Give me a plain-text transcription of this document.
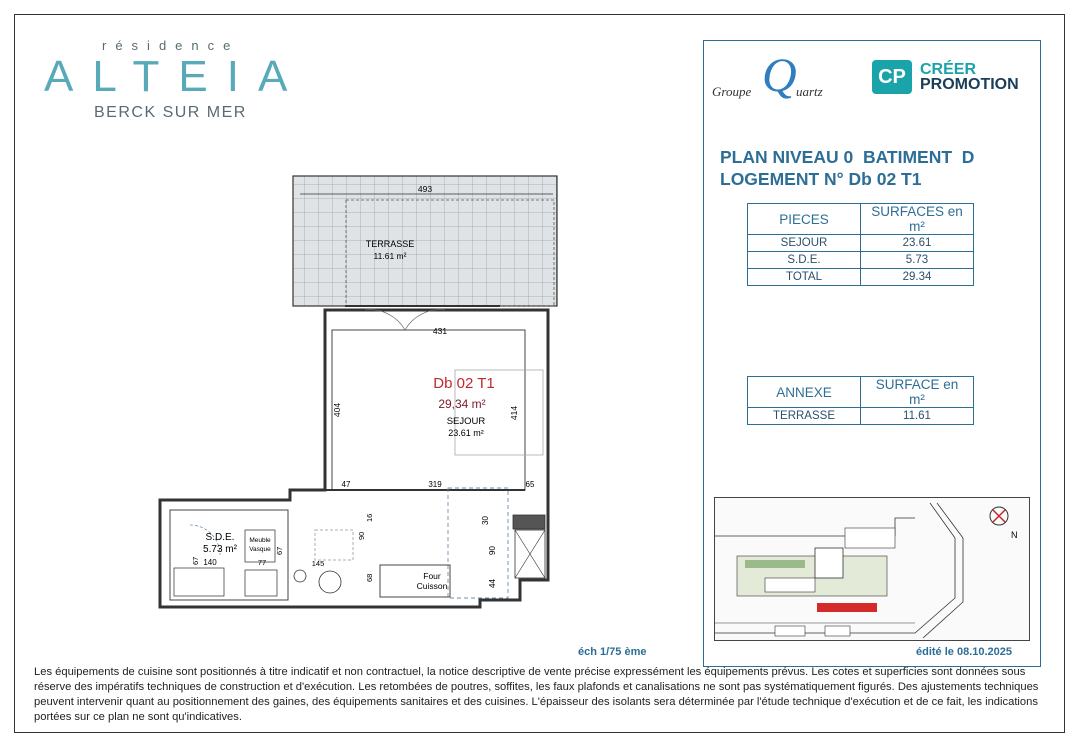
résidence
ALTEIA
BERCK SUR MER
493
TERRASSE
11.61 m²
431
404	414
Db 02 T1
29,34 m²
SEJOUR
23.61 m²
47	319	65
30
90
44
Four
Cuisson
145
68
16
90
S.D.E.
5.73 m²
67 140
Meuble
Vasque
77
67
Groupe Q uartz
CP CRÉER
PROMOTION
PLAN NIVEAU 0  BATIMENT  D
LOGEMENT N° Db 02 T1
PIECES	SURFACES en m²
SEJOUR	23.61
S.D.E.	5.73
TOTAL	29.34
ANNEXE	SURFACE en m²
TERRASSE	11.61
N
éch 1/75 ème	édité le 08.10.2025
Les équipements de cuisine sont positionnés à titre indicatif et non contractuel, la notice descriptive de vente précise expressément les équipements prévus. Les cotes et superficies sont données sous réserve des impératifs techniques de construction et d'exécution. Les retombées de poutres, soffites, les faux plafonds et canalisations ne sont pas systématiquement figurés. Des ajustements techniques peuvent intervenir quant au positionnement des gaines, des équipements sanitaires et des cuisines. L'épaisseur des isolants sera déterminée par l'étude technique d'exécution et de ce fait, les indications portées sur ce plan ne sont qu'indicatives.
